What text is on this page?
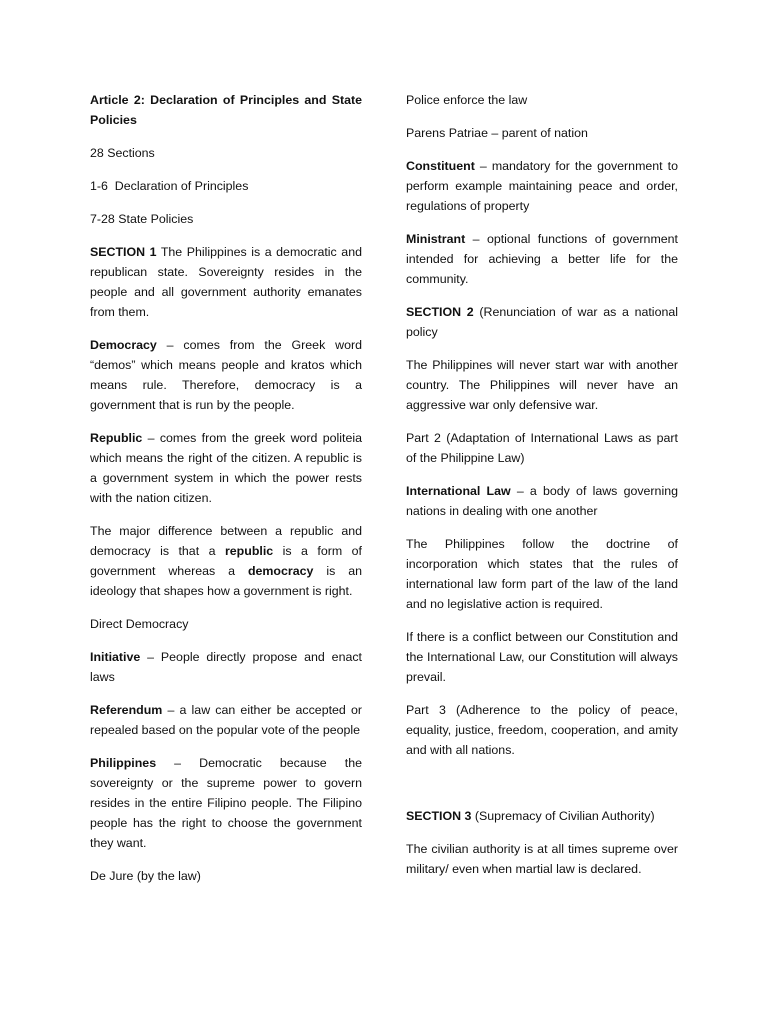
Article 2: Declaration of Principles and State Policies

28 Sections

1-6  Declaration of Principles

7-28 State Policies

SECTION 1 The Philippines is a democratic and republican state. Sovereignty resides in the people and all government authority emanates from them.

Democracy – comes from the Greek word “demos” which means people and kratos which means rule. Therefore, democracy is a government that is run by the people.

Republic – comes from the greek word politeia which means the right of the citizen. A republic is a government system in which the power rests with the nation citizen.

The major difference between a republic and democracy is that a republic is a form of government whereas a democracy is an ideology that shapes how a government is right.

Direct Democracy

Initiative – People directly propose and enact laws

Referendum – a law can either be accepted or repealed based on the popular vote of the people

Philippines – Democratic because the sovereignty or the supreme power to govern resides in the entire Filipino people. The Filipino people has the right to choose the government they want.

De Jure (by the law)

Police enforce the law

Parens Patriae – parent of nation

Constituent – mandatory for the government to perform example maintaining peace and order, regulations of property

Ministrant – optional functions of government intended for achieving a better life for the community.

SECTION 2 (Renunciation of war as a national policy

The Philippines will never start war with another country. The Philippines will never have an aggressive war only defensive war.

Part 2 (Adaptation of International Laws as part of the Philippine Law)

International Law – a body of laws governing nations in dealing with one another

The Philippines follow the doctrine of incorporation which states that the rules of international law form part of the law of the land and no legislative action is required.

If there is a conflict between our Constitution and the International Law, our Constitution will always prevail.

Part 3 (Adherence to the policy of peace, equality, justice, freedom, cooperation, and amity and with all nations.

SECTION 3 (Supremacy of Civilian Authority)

The civilian authority is at all times supreme over military/ even when martial law is declared.
